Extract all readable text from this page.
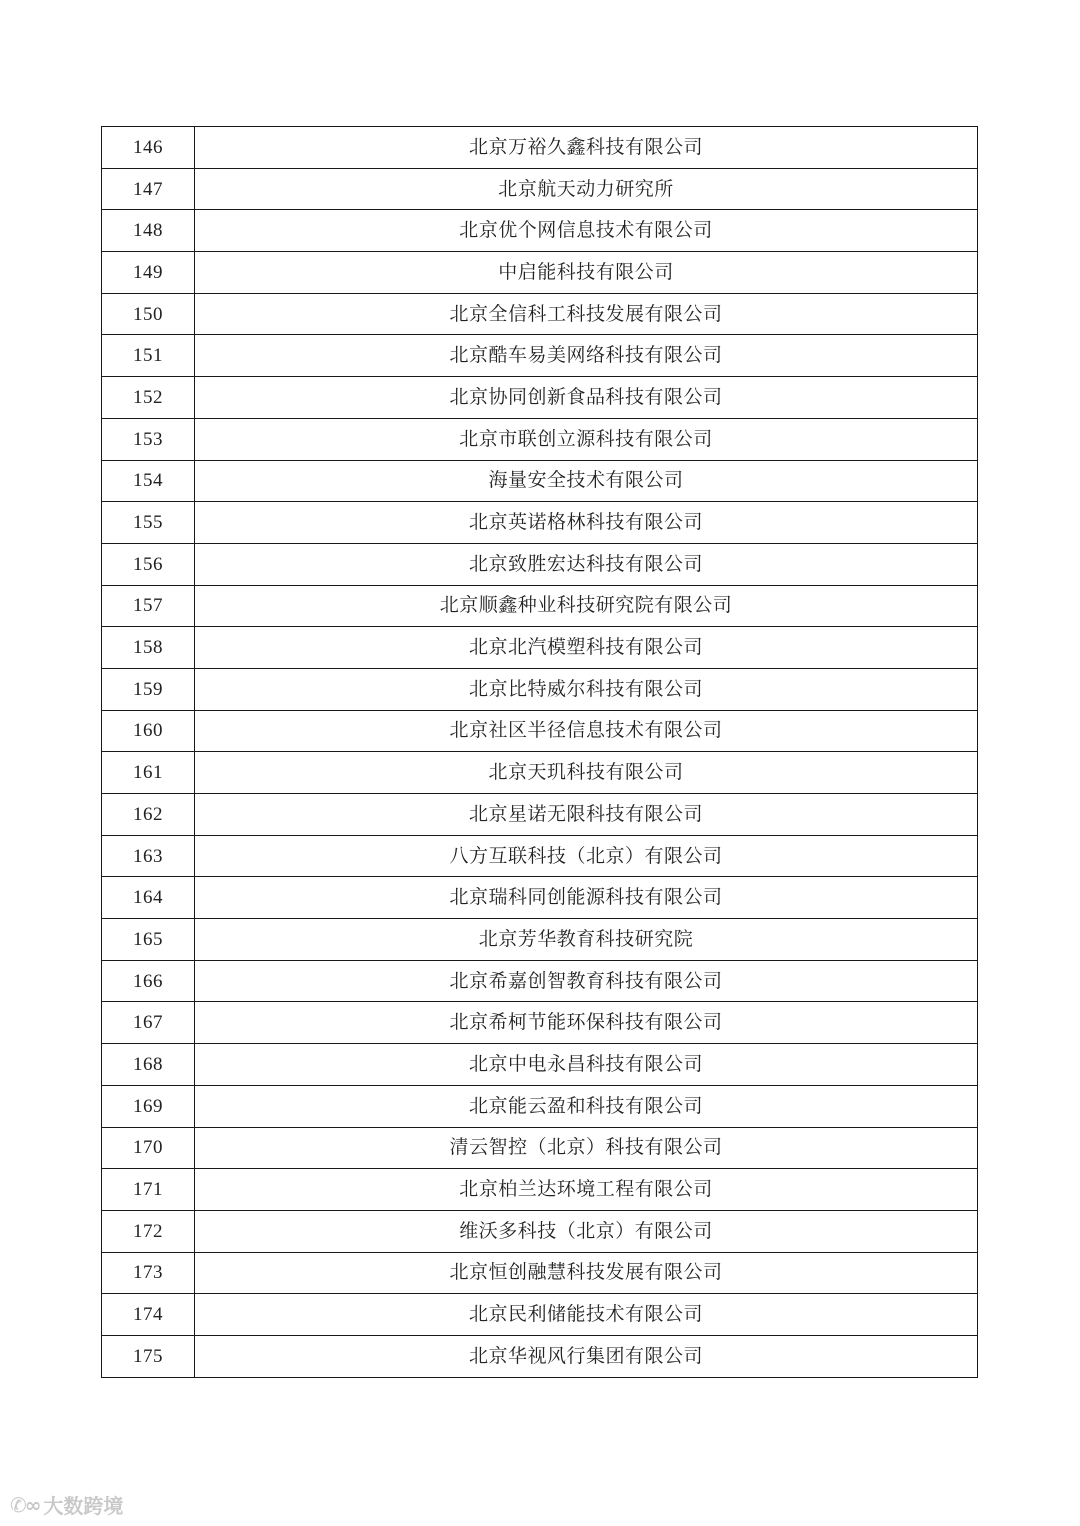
146	北京万裕久鑫科技有限公司
147	北京航天动力研究所
148	北京优个网信息技术有限公司
149	中启能科技有限公司
150	北京全信科工科技发展有限公司
151	北京酷车易美网络科技有限公司
152	北京协同创新食品科技有限公司
153	北京市联创立源科技有限公司
154	海量安全技术有限公司
155	北京英诺格林科技有限公司
156	北京致胜宏达科技有限公司
157	北京顺鑫种业科技研究院有限公司
158	北京北汽模塑科技有限公司
159	北京比特威尔科技有限公司
160	北京社区半径信息技术有限公司
161	北京天玑科技有限公司
162	北京星诺无限科技有限公司
163	八方互联科技（北京）有限公司
164	北京瑞科同创能源科技有限公司
165	北京芳华教育科技研究院
166	北京希嘉创智教育科技有限公司
167	北京希柯节能环保科技有限公司
168	北京中电永昌科技有限公司
169	北京能云盈和科技有限公司
170	清云智控（北京）科技有限公司
171	北京柏兰达环境工程有限公司
172	维沃多科技（北京）有限公司
173	北京恒创融慧科技发展有限公司
174	北京民利储能技术有限公司
175	北京华视风行集团有限公司
✆∞ 大数跨境
